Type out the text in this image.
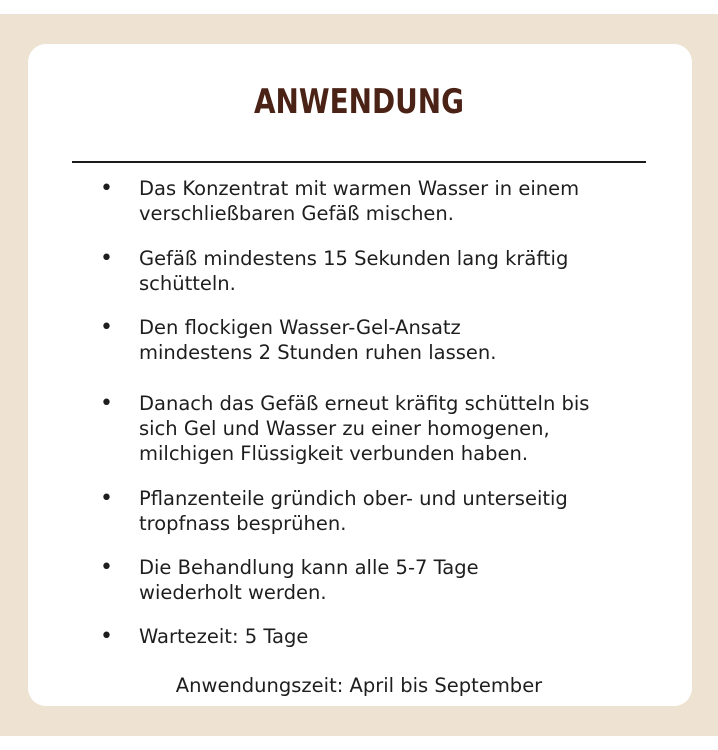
ANWENDUNG
• Das Konzentrat mit warmen Wasser in einem
verschließbaren Gefäß mischen.
• Gefäß mindestens 15 Sekunden lang kräftig
schütteln.
• Den flockigen Wasser-Gel-Ansatz
mindestens 2 Stunden ruhen lassen.
• Danach das Gefäß erneut kräfitg schütteln bis
sich Gel und Wasser zu einer homogenen,
milchigen Flüssigkeit verbunden haben.
• Pflanzenteile gründich ober- und unterseitig
tropfnass besprühen.
• Die Behandlung kann alle 5-7 Tage
wiederholt werden.
• Wartezeit: 5 Tage
Anwendungszeit: April bis September
